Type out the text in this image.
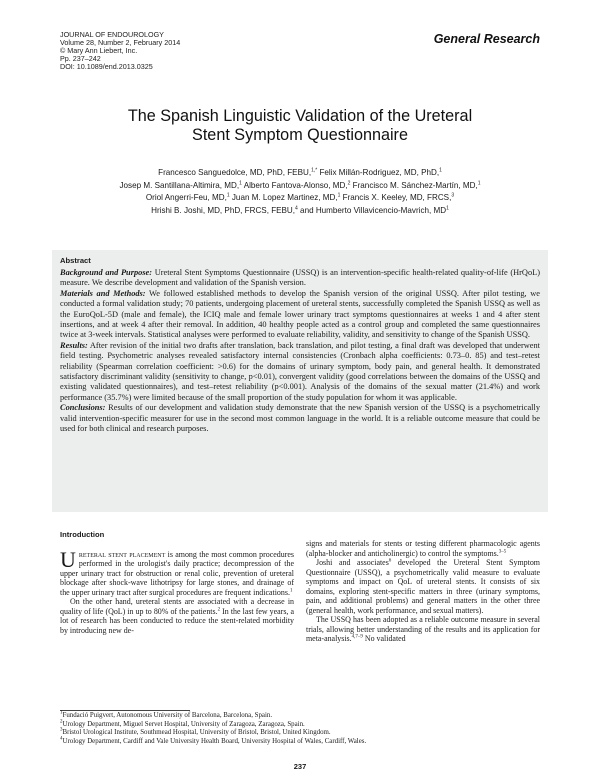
JOURNAL OF ENDOUROLOGY
Volume 28, Number 2, February 2014
© Mary Ann Liebert, Inc.
Pp. 237–242
DOI: 10.1089/end.2013.0325
General Research
The Spanish Linguistic Validation of the Ureteral
Stent Symptom Questionnaire
Francesco Sanguedolce, MD, PhD, FEBU,$^{1,*}$ Felix Millán-Rodriguez, MD, PhD,$^1$
Josep M. Santillana-Altimira, MD,$^1$ Alberto Fantova-Alonso, MD,$^2$ Francisco M. Sánchez-Martín, MD,$^1$
Oriol Angerri-Feu, MD,$^1$ Juan M. Lopez Martinez, MD,$^1$ Francis X. Keeley, MD, FRCS,$^3$
Hrishi B. Joshi, MD, PhD, FRCS, FEBU,$^4$ and Humberto Villavicencio-Mavrich, $MD^1$
Abstract

Background and Purpose: Ureteral Stent Symptoms Questionnaire (USSQ) is an intervention-specific health-related quality-of-life (HrQoL) measure. We describe development and validation of the Spanish version.

Materials and Methods: We followed established methods to develop the Spanish version of the original USSQ. After pilot testing, we conducted a formal validation study; 70 patients, undergoing placement of ureteral stents, successfully completed the Spanish USSQ as well as the EuroQoL-5D (male and female), the ICIQ male and female lower urinary tract symptoms questionnaires at weeks 1 and 4 after stent insertions, and at week 4 after their removal. In addition, 40 healthy people acted as a control group and completed the same questionnaires twice at 3-week intervals. Statistical analyses were performed to evaluate reliability, validity, and sensitivity to change of the Spanish USSQ.

Results: After revision of the initial two drafts after translation, back translation, and pilot testing, a final draft was developed that underwent field testing. Psychometric analyses revealed satisfactory internal consistencies (Cronbach alpha coefficients: 0.73–0. 85) and test–retest reliability (Spearman correlation coefficient: >0.6) for the domains of urinary symptom, body pain, and general health. It demonstrated satisfactory discriminant validity (sensitivity to change, p<0.01), convergent validity (good correlations between the domains of the USSQ and existing validated questionnaires), and test–retest reliability (p<0.001). Analysis of the domains of the sexual matter (21.4%) and work performance (35.7%) were limited because of the small proportion of the study population for whom it was applicable.

Conclusions: Results of our development and validation study demonstrate that the new Spanish version of the USSQ is a psychometrically valid intervention-specific measurer for use in the second most common language in the world. It is a reliable outcome measure that could be used for both clinical and research purposes.

Introduction

Ureteral stent placement is among the most common procedures performed in the urologist's daily practice; decompression of the upper urinary tract for obstruction or renal colic, prevention of ureteral blockage after shock-wave lithotripsy for large stones, and drainage of the upper urinary tract after surgical procedures are frequent indications.$^1$

On the other hand, ureteral stents are associated with a decrease in quality of life (QoL) in up to 80% of the patients.$^2$ In the last few years, a lot of research has been conducted to reduce the stent-related morbidity by introducing new de-

signs and materials for stents or testing different pharmacologic agents (alpha-blocker and anticholinergic) to control the symptoms.$^{3-5}$

Joshi and associates$^6$ developed the Ureteral Stent Symptom Questionnaire (USSQ), a psychometrically valid measure to evaluate symptoms and impact on QoL of ureteral stents. It consists of six domains, exploring stent-specific matters in three (urinary symptoms, pain, and additional problems) and general matters in the other three (general health, work performance, and sexual matters).

The USSQ has been adopted as a reliable outcome measure in several trials, allowing better understanding of the results and its application for meta-analysis.$^{4,7-9}$ No validated

$^1$Fundació Puigvert, Autonomous University of Barcelona, Barcelona, Spain.
$^2$Urology Department, Miguel Servet Hospital, University of Zaragoza, Zaragoza, Spain.
$^3$Bristol Urological Institute, Southmead Hospital, University of Bristol, Bristol, United Kingdom.
$^4$Urology Department, Cardiff and Vale University Health Board, University Hospital of Wales, Cardiff, Wales.
237
